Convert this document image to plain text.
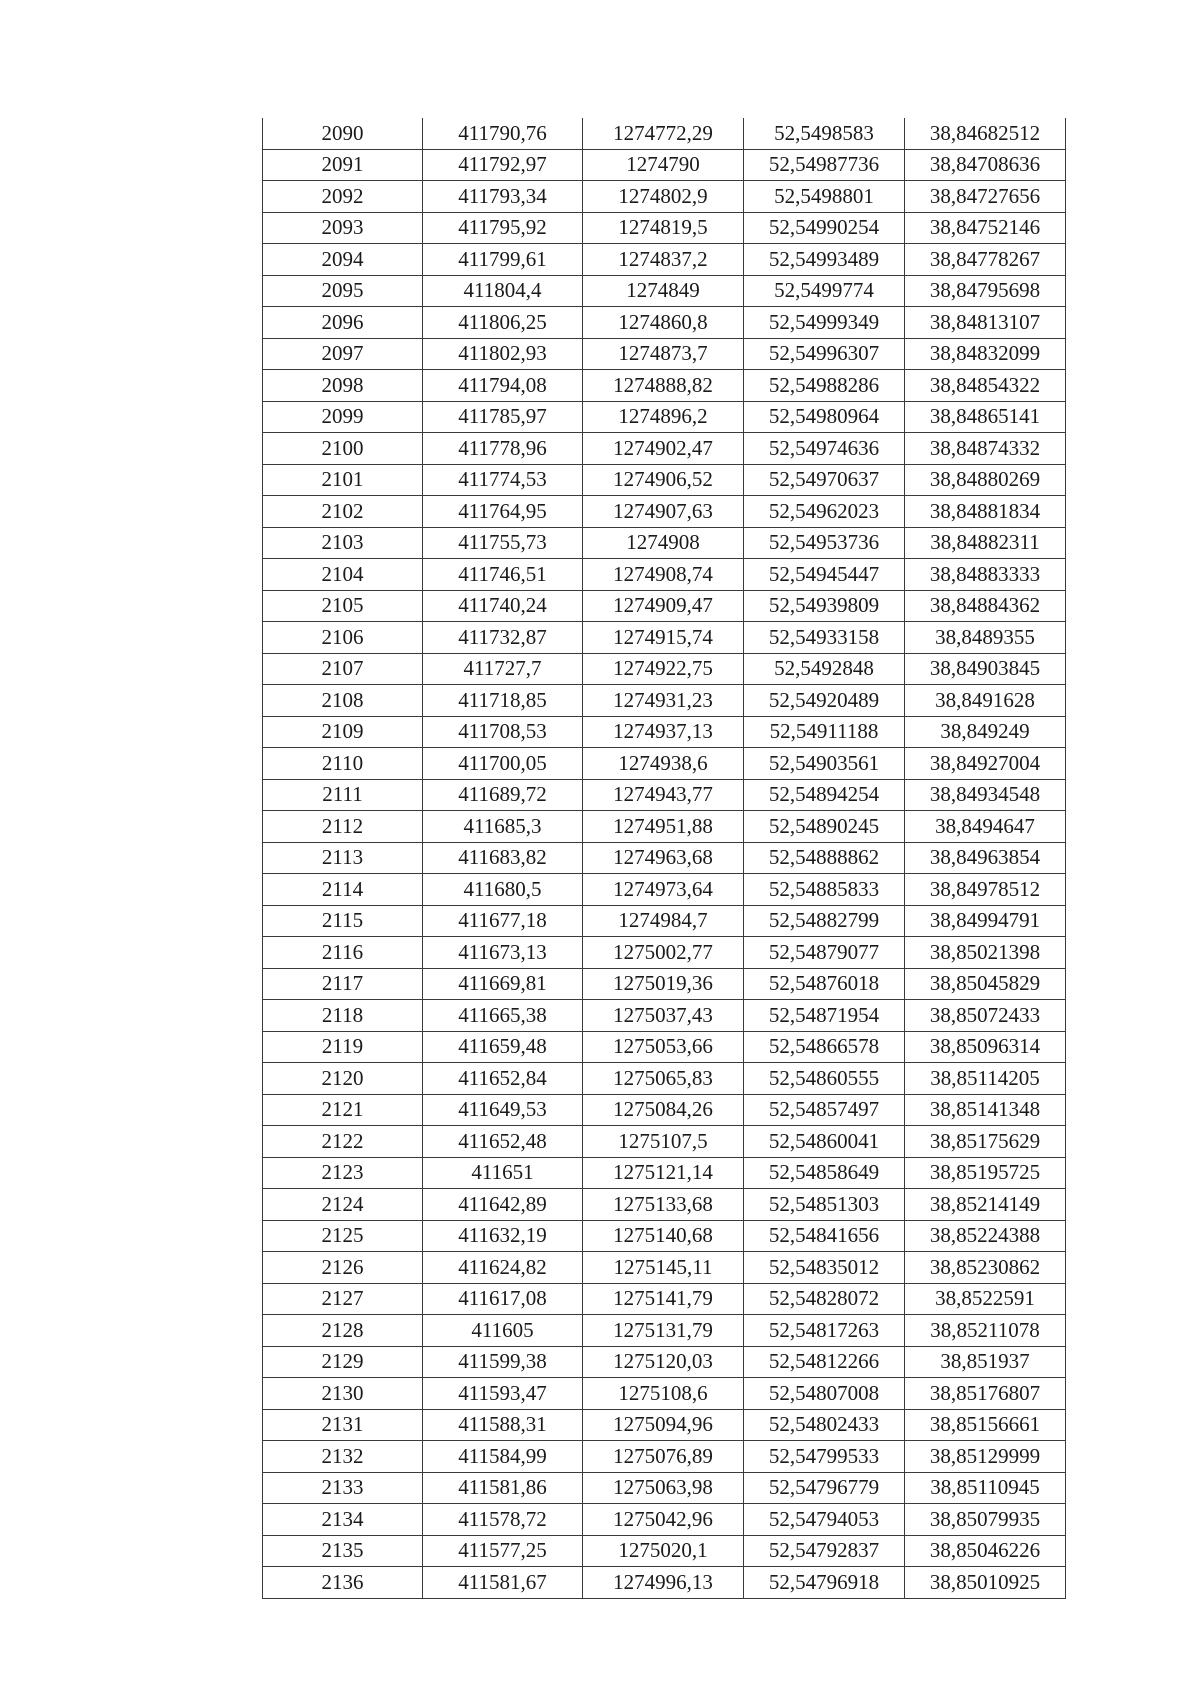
2090	411790,76	1274772,29	52,5498583	38,84682512
2091	411792,97	1274790	52,54987736	38,84708636
2092	411793,34	1274802,9	52,5498801	38,84727656
2093	411795,92	1274819,5	52,54990254	38,84752146
2094	411799,61	1274837,2	52,54993489	38,84778267
2095	411804,4	1274849	52,5499774	38,84795698
2096	411806,25	1274860,8	52,54999349	38,84813107
2097	411802,93	1274873,7	52,54996307	38,84832099
2098	411794,08	1274888,82	52,54988286	38,84854322
2099	411785,97	1274896,2	52,54980964	38,84865141
2100	411778,96	1274902,47	52,54974636	38,84874332
2101	411774,53	1274906,52	52,54970637	38,84880269
2102	411764,95	1274907,63	52,54962023	38,84881834
2103	411755,73	1274908	52,54953736	38,84882311
2104	411746,51	1274908,74	52,54945447	38,84883333
2105	411740,24	1274909,47	52,54939809	38,84884362
2106	411732,87	1274915,74	52,54933158	38,8489355
2107	411727,7	1274922,75	52,5492848	38,84903845
2108	411718,85	1274931,23	52,54920489	38,8491628
2109	411708,53	1274937,13	52,54911188	38,849249
2110	411700,05	1274938,6	52,54903561	38,84927004
2111	411689,72	1274943,77	52,54894254	38,84934548
2112	411685,3	1274951,88	52,54890245	38,8494647
2113	411683,82	1274963,68	52,54888862	38,84963854
2114	411680,5	1274973,64	52,54885833	38,84978512
2115	411677,18	1274984,7	52,54882799	38,84994791
2116	411673,13	1275002,77	52,54879077	38,85021398
2117	411669,81	1275019,36	52,54876018	38,85045829
2118	411665,38	1275037,43	52,54871954	38,85072433
2119	411659,48	1275053,66	52,54866578	38,85096314
2120	411652,84	1275065,83	52,54860555	38,85114205
2121	411649,53	1275084,26	52,54857497	38,85141348
2122	411652,48	1275107,5	52,54860041	38,85175629
2123	411651	1275121,14	52,54858649	38,85195725
2124	411642,89	1275133,68	52,54851303	38,85214149
2125	411632,19	1275140,68	52,54841656	38,85224388
2126	411624,82	1275145,11	52,54835012	38,85230862
2127	411617,08	1275141,79	52,54828072	38,8522591
2128	411605	1275131,79	52,54817263	38,85211078
2129	411599,38	1275120,03	52,54812266	38,851937
2130	411593,47	1275108,6	52,54807008	38,85176807
2131	411588,31	1275094,96	52,54802433	38,85156661
2132	411584,99	1275076,89	52,54799533	38,85129999
2133	411581,86	1275063,98	52,54796779	38,85110945
2134	411578,72	1275042,96	52,54794053	38,85079935
2135	411577,25	1275020,1	52,54792837	38,85046226
2136	411581,67	1274996,13	52,54796918	38,85010925
